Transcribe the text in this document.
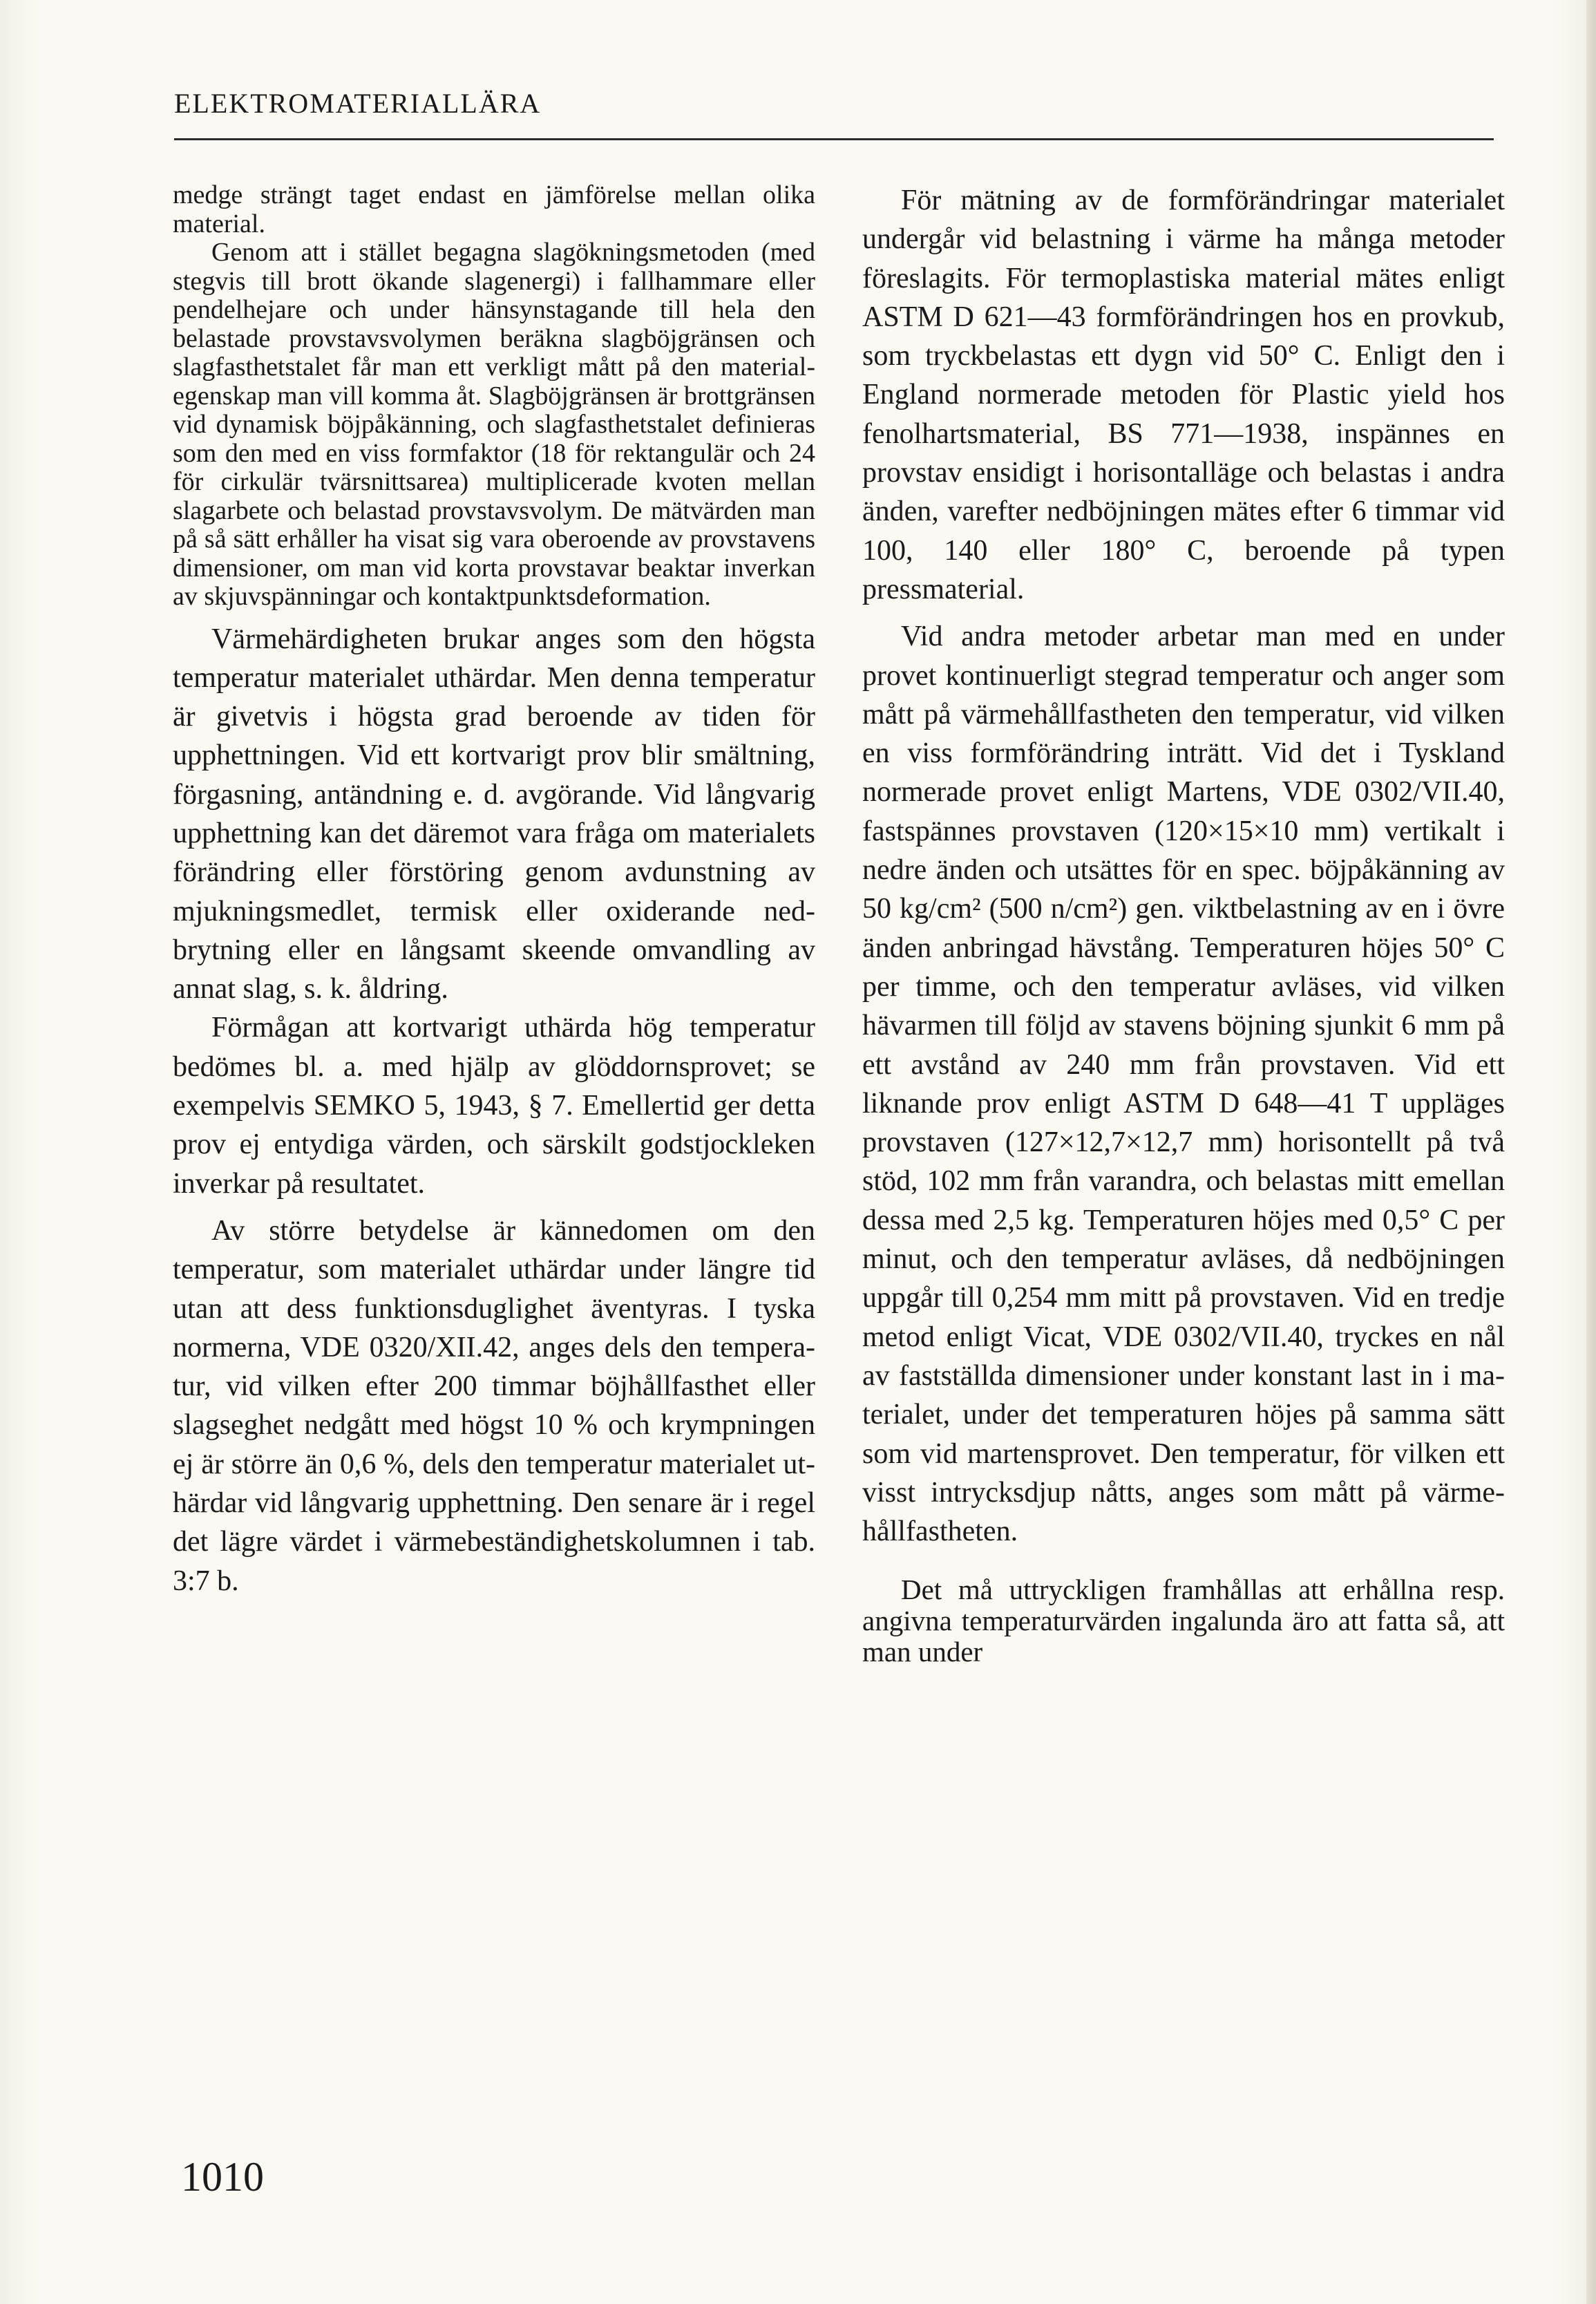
ELEKTROMATERIALLÄRA

medge strängt taget endast en jämförelse mellan olika material.

Genom att i stället begagna slagökningsmetoden (med stegvis till brott ökande slagenergi) i fallhammare eller pendelhejare och under hänsynstagande till hela den belastade provstavsvolymen beräkna slagböjgränsen och slagfasthetstalet får man ett verkligt mått på den materialegenskap man vill komma åt. Slagböjgränsen är brottgränsen vid dynamisk böjpåkänning, och slagfasthetstalet definieras som den med en viss formfaktor (18 för rektangulär och 24 för cirkulär tvärsnittsarea) multiplicerade kvoten mellan slagarbete och belastad provstavsvolym. De mätvärden man på så sätt erhåller ha visat sig vara oberoende av provstavens dimensioner, om man vid korta provstavar beaktar inverkan av skjuvspänningar och kontaktpunktsdeformation.

Värmehärdigheten brukar anges som den högsta temperatur materialet uthärdar. Men denna temperatur är givetvis i högsta grad beroende av tiden för upphettningen. Vid ett kortvarigt prov blir smältning, förgasning, antändning e. d. avgörande. Vid långvarig upphettning kan det däremot vara fråga om materialets förändring eller förstöring genom avdunstning av mjukningsmedlet, termisk eller oxiderande nedbrytning eller en långsamt skeende omvandling av annat slag, s. k. åldring.

Förmågan att kortvarigt uthärda hög temperatur bedömes bl. a. med hjälp av glöddornsprovet; se exempelvis SEMKO 5, 1943, § 7. Emellertid ger detta prov ej entydiga värden, och särskilt godstjockleken inverkar på resultatet.

Av större betydelse är kännedomen om den temperatur, som materialet uthärdar under längre tid utan att dess funktionsduglighet äventyras. I tyska normerna, VDE 0320/XII.42, anges dels den temperatur, vid vilken efter 200 timmar böjhållfasthet eller slagseghet nedgått med högst 10 % och krympningen ej är större än 0,6 %, dels den temperatur materialet uthärdar vid långvarig upphettning. Den senare är i regel det lägre värdet i värmebeständighetskolumnen i tab. 3:7 b.

För mätning av de formförändringar materialet undergår vid belastning i värme ha många metoder föreslagits. För termoplastiska material mätes enligt ASTM D 621—43 formförändringen hos en provkub, som tryckbelastas ett dygn vid 50° C. Enligt den i England normerade metoden för Plastic yield hos fenolhartsmaterial, BS 771—1938, inspännes en provstav ensidigt i horisontalläge och belastas i andra änden, varefter nedböjningen mätes efter 6 timmar vid 100, 140 eller 180° C, beroende på typen pressmaterial.

Vid andra metoder arbetar man med en under provet kontinuerligt stegrad temperatur och anger som mått på värmehållfastheten den temperatur, vid vilken en viss formförändring inträtt. Vid det i Tyskland normerade provet enligt Martens, VDE 0302/VII.40, fastspännes provstaven (120×15×10 mm) vertikalt i nedre änden och utsättes för en spec. böjpåkänning av 50 kg/cm² (500 n/cm²) gen. viktbelastning av en i övre änden anbringad hävstång. Temperaturen höjes 50° C per timme, och den temperatur avläses, vid vilken hävarmen till följd av stavens böjning sjunkit 6 mm på ett avstånd av 240 mm från provstaven. Vid ett liknande prov enligt ASTM D 648—41 T uppläges provstaven (127×12,7×12,7 mm) horisontellt på två stöd, 102 mm från varandra, och belastas mitt emellan dessa med 2,5 kg. Temperaturen höjes med 0,5° C per minut, och den temperatur avläses, då nedböjningen uppgår till 0,254 mm mitt på provstaven. Vid en tredje metod enligt Vicat, VDE 0302/VII.40, tryckes en nål av fastställda dimensioner under konstant last in i materialet, under det temperaturen höjes på samma sätt som vid martensprovet. Den temperatur, för vilken ett visst intrycksdjup nåtts, anges som mått på värmehållfastheten.

Det må uttryckligen framhållas att erhållna resp. angivna temperaturvärden ingalunda äro att fatta så, att man under

1010
